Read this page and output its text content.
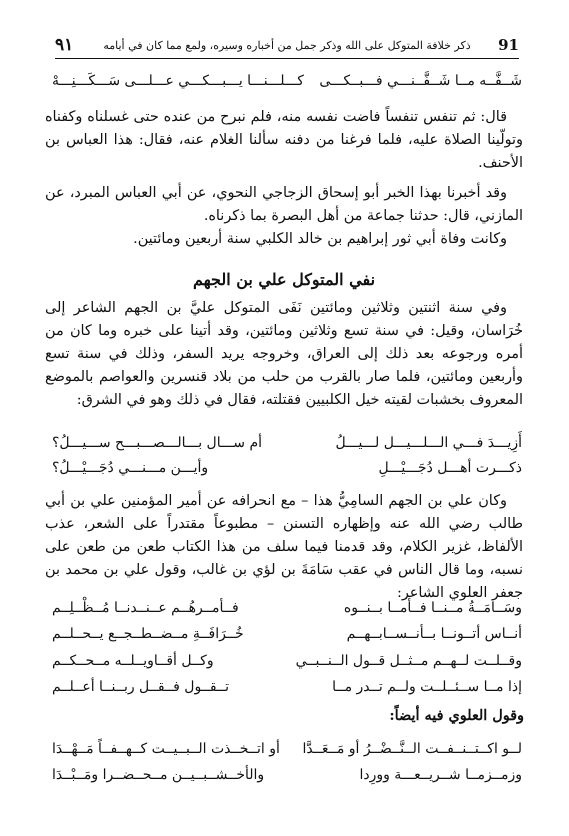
91
ذكر خلافة المتوكل على الله وذكر جمل من أخباره وسيره، ولمع مما كان في أيامه
٩١
شَــفَّــه مــا شَــفَّــنـــي فـــبــكـــى
كـــلـــنـــا يـــبـــكـــي عـــلـــى سَـــكَـــنِـــهْ

قال: ثم تنفس تنفساً فاضت نفسه منه، فلم نبرح من عنده حتى غسلناه وكفناه وتولّينا الصلاة عليه، فلما فرغنا من دفنه سألنا الغلام عنه، فقال: هذا العباس بن الأحنف.

وقد أخبرنا بهذا الخبر أبو إسحاق الزجاجي النحوي، عن أبي العباس المبرد، عن المازني، قال: حدثنا جماعة من أهل البصرة بما ذكرناه.

وكانت وفاة أبي ثور إبراهيم بن خالد الكلبي سنة أربعين ومائتين.

نفي المتوكل علي بن الجهم

وفي سنة اثنتين وثلاثين ومائتين نَفَى المتوكل عليَّ بن الجهم الشاعر إلى خُرَاسان، وقيل: في سنة تسع وثلاثين ومائتين، وقد أتينا على خبره وما كان من أمره ورجوعه بعد ذلك إلى العراق، وخروجه يريد السفر، وذلك في سنة تسع وأربعين ومائتين، فلما صار بالقرب من حلب من بلاد قنسرين والعواصم بالموضع المعروف بخشبات لقيته خيل الكلبيين فقتلته، فقال في ذلك وهو في الشرق:

أَزِيـــدَ فـــي الـــلـــيـــل لـــيـــلُ
أم ســـال بـــالـــصـــبـــح ســـيـــلُ؟
ذكـــرت أهـــل دُجَـــيْـــلِ
وأيـــن مـــنـــي دُجَـــيْـــلُ؟

وكان علي بن الجهم السامِيُّ هذا – مع انحرافه عن أمير المؤمنين علي بن أبي طالب رضي الله عنه وإظهاره التسنن – مطبوعاً مقتدراً على الشعر، عذب الألفاظ، غزير الكلام، وقد قدمنا فيما سلف من هذا الكتاب طعن من طعن على نسبه، وما قال الناس في عقب سَامَةَ بن لؤي بن غالب، وقول علي بن محمد بن جعفر العلوي الشاعر:

وسَــامَــةُ مــنــا فــأمــا بــنــوه
فــأمــرهُــم عــنــدنــا مُــظْــلِــم
أنــاس أتــونــا بــأنــســابــهــم
خُــرَافَــةِ مــضــطــجــع يــحــلــم
وقــلــت لــهــم مــثــل قــول الــنــبــي
وكــل أقــاويــلــه مــحــكــم
إذا مــا ســئــلــت ولــم تــدر مــا
تــقــول فــقــل ربــنــا أعــلــم
وقول العلوي فيه أيضاً:
لــو اكــتــنــفــت الــنَّــضْــرُ أو مَــعَــدَّا
أو اتــخــذت الــبــيــت كــهــفــاً مَــهْــدَا
وزمــزمــا شــريــعـــة وورِدا
والأخــشــبــيــن مــحــضــرا ومَــبْــدَا
